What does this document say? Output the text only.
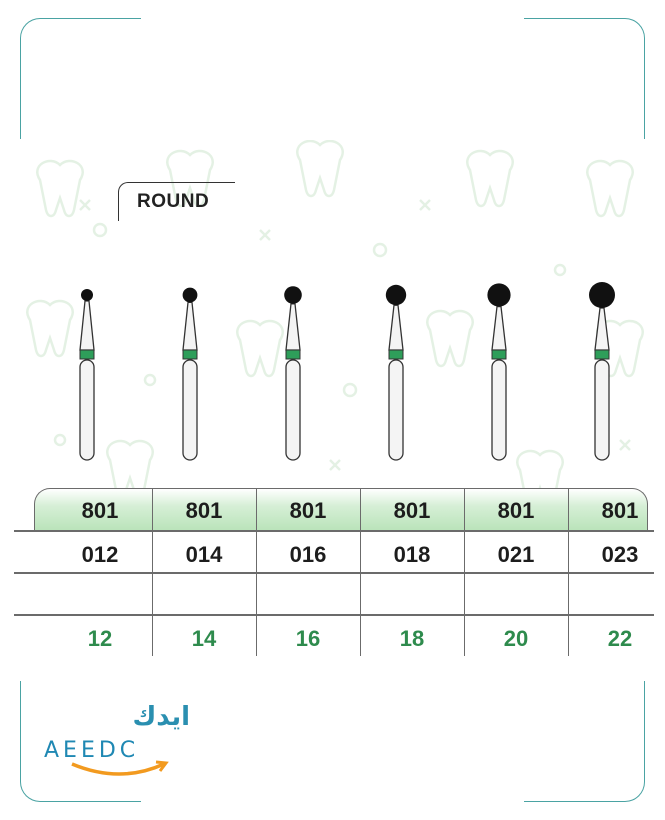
ROUND
801
012
12
801
014
14
801
016
16
801
018
18
801
021
20
801
023
22
ايدك
AEEDC
